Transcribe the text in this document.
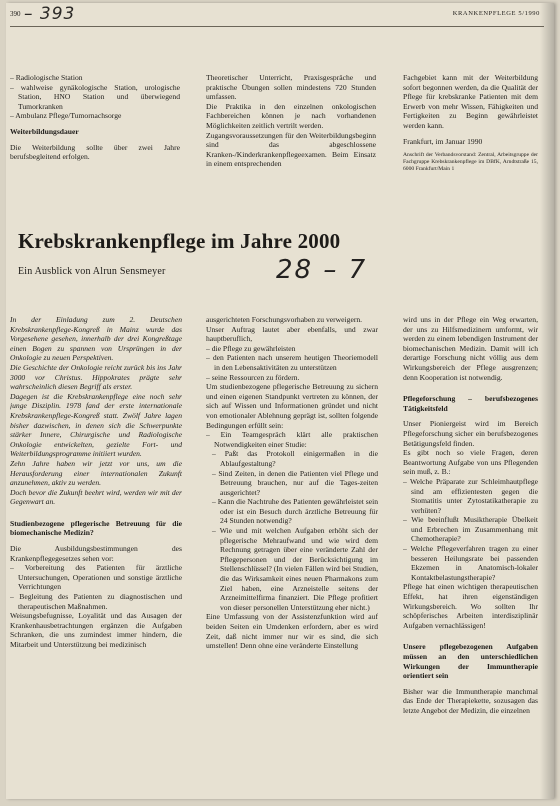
390 – 393	KRANKENPFLEGE 5/1990

– Radiologische Station

– wahlweise gynäkologische Station, urologische Station, HNO Station und überwiegend Tumorkranken

– Ambulanz Pflege/Tumornachsorge

Weiterbildungsdauer

Die Weiterbildung sollte über zwei Jahre berufsbegleitend erfolgen.

Theoretischer Unterricht, Praxisgespräche und praktische Übungen sollen mindestens 720 Stunden umfassen.

Die Praktika in den einzelnen onkologischen Fachbereichen können je nach vorhandenen Möglichkeiten zeitlich vertrilt werden.

Zugangsvoraussetzungen für den Weiterbildungsbeginn sind das abgeschlossene Kranken-/Kinderkrankenpflegeexamen. Beim Einsatz in einem entsprechenden

Fachgebiet kann mit der Weiterbildung sofort begonnen werden, da die Qualität der Pflege für krebskranke Patienten mit dem Erwerb von mehr Wissen, Fähigkeiten und Fertigkeiten zu Beginn gewährleistet werden kann.

Frankfurt, im Januar 1990

Anschrift der Verbandsvorstand: Zentral, Arbeitsgruppe der Fachgruppe Krebskrankenpflege im DBfK, Arndtstraße 15, 6000 Frankfurt/Main 1

Krebskrankenpflege im Jahre 2000
Ein Ausblick von Alrun Sensmeyer	28 – 7

In der Einladung zum 2. Deutschen Krebskrankenpflege-Kongreß in Mainz wurde das Vorgesehene gesehen, innerhalb der drei Kongreßtage einen Bogen zu spannen von Ursprüngen in der Onkologie zu neuen Perspektiven.

Die Geschichte der Onkologie reicht zurück bis ins Jahr 3000 vor Christus. Hippokrates prägte sehr wahrscheinlich diesen Begriff als erster.

Dagegen ist die Krebskrankenpflege eine noch sehr junge Disziplin. 1978 fand der erste internationale Krebskrankenpflege-Kongreß statt. Zwölf Jahre lagen bisher dazwischen, in denen sich die Schwerpunkte stärker Innere, Chirurgische und Radiologische Onkologie entwickelten, gezielte Fort- und Weiterbildungsprogramme initiiert wurden.

Zehn Jahre haben wir jetzt vor uns, um die Herausforderung einer internationalen Zukunft anzunehmen, aktiv zu werden.

Doch bevor die Zukunft beehrt wird, werden wir mit der Gegenwart an.

Studienbezogene pflegerische Betreuung für die biomechanische Medizin?

Die Ausbildungsbestimmungen des Krankenpflegegesetzes sehen vor:

– Vorbereitung des Patienten für ärztliche Untersuchungen, Operationen und sonstige ärztliche Verrichtungen

– Begleitung des Patienten zu diagnostischen und therapeutischen Maßnahmen.

Weisungsbefugnisse, Loyalität und das Ausagen der Krankenhausbetrachtungen ergänzen die Aufgaben Schranken, die uns zumindest immer hindern, die Mitarbeit und Unterstützung bei medizinisch

ausgerichteten Forschungsvorhaben zu verweigern.

Unser Auftrag lautet aber ebenfalls, und zwar hauptberuflich,

– die Pflege zu gewährleisten

– den Patienten nach unserem heutigen Theoriemodell in den Lebensaktivitäten zu unterstützen

– seine Ressourcen zu fördern.

Um studienbezogene pflegerische Betreuung zu sichern und einen eigenen Standpunkt vertreten zu können, der sich auf Wissen und Informationen gründet und nicht von emotionaler Ablehnung geprägt ist, sollten folgende Bedingungen erfüllt sein:

– Ein Teamgespräch klärt alle praktischen Notwendigkeiten einer Studie:

– Paßt das Protokoll einigermaßen in die Ablaufgestaltung?

– Sind Zeiten, in denen die Patienten viel Pflege und Betreuung brauchen, nur auf die Tages-zeiten ausgerichtet?

– Kann die Nachtruhe des Patienten gewährleistet sein oder ist ein Besuch durch ärztliche Betreuung für 24 Stunden notwendig?

– Wie und mit welchen Aufgaben erhöht sich der pflegerische Mehraufwand und wie wird dem Rechnung getragen über eine veränderte Zahl der Pflegepersonen und der Berücksichtigung im Stellenschlüssel? (In vielen Fällen wird bei Studien, die das Wirksamkeit eines neuen Pharmakons zum Ziel haben, eine Arzneistelle seitens der Arzneimittelfirma finanziert. Die Pflege profitiert von dieser personellen Unterstützung eher nicht.)

Eine Umfassung von der Assistenzfunktion wird auf beiden Seiten ein Umdenken erfordern, aber es wird Zeit, daß nicht immer nur wir es sind, die sich umstellen! Denn ohne eine veränderte Einstellung

wird uns in der Pflege ein Weg erwarten, der uns zu Hilfsmedizinern umformt, wir werden zu einem lebendigen Instrument der biomechanischen Medizin. Damit will ich derartige Forschung nicht völlig aus dem Wirkungsbereich der Pflege ausgrenzen; denn Kooperation ist notwendig.

Pflegeforschung – berufsbezogenes Tätigkeitsfeld

Unser Pioniergeist wird im Bereich Pflegeforschung sicher ein berufsbezogenes Betätigungsfeld finden.

Es gibt noch so viele Fragen, deren Beantwortung Aufgabe von uns Pflegenden sein muß, z. B.:

– Welche Präparate zur Schleimhautpflege sind am effizientesten gegen die Stomatitis unter Zytostatikatherapie zu verhüten?

– Wie beeinflußt Musiktherapie Übelkeit und Erbrechen im Zusammenhang mit Chemotherapie?

– Welche Pflegeverfahren tragen zu einer besseren Heilungsrate bei passenden Ekzemen in Anatomisch-lokaler Kontaktbelastungstherapie?

Pflege hat einen wichtigen therapeutischen Effekt, hat ihren eigenständigen Wirkungsbereich. Wo sollten Ihr schöpferisches Arbeiten interdisziplinär Aufgaben vernachlässigen!

Unsere pflegebezogenen Aufgaben müssen an den unterschiedlichen Wirkungen der Immuntherapie orientiert sein

Bisher war die Immuntherapie manchmal das Ende der Therapiekette, sozusagen das letzte Angebot der Medizin, die einzelnen
